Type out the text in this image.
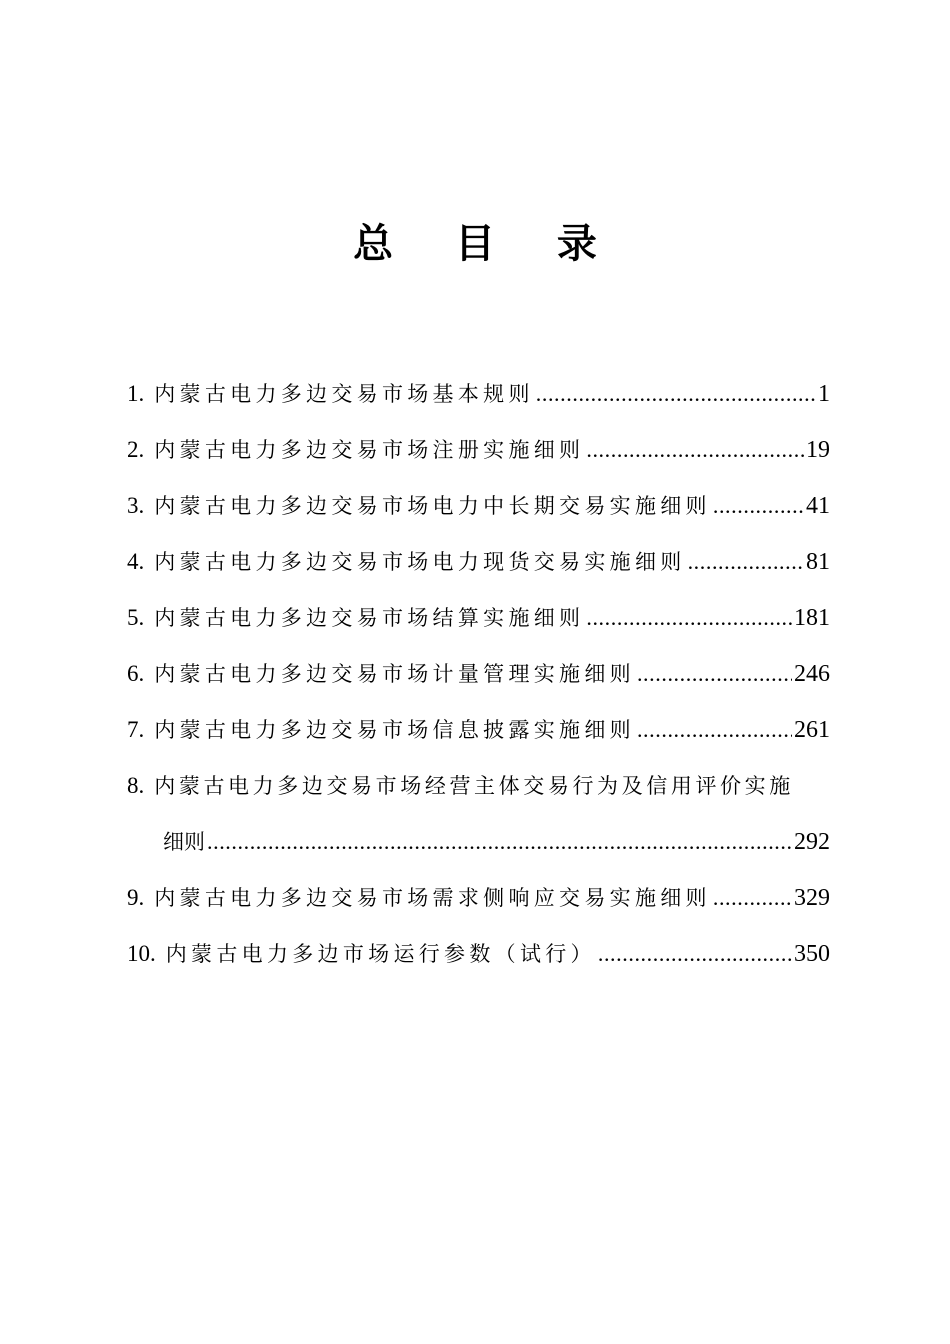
总 目 录
1. 内蒙古电力多边交易市场基本规则 .....	1
2. 内蒙古电力多边交易市场注册实施细则 .....	19
3. 内蒙古电力多边交易市场电力中长期交易实施细则 .....	41
4. 内蒙古电力多边交易市场电力现货交易实施细则 .....	81
5. 内蒙古电力多边交易市场结算实施细则 .....	181
6. 内蒙古电力多边交易市场计量管理实施细则 .....	246
7. 内蒙古电力多边交易市场信息披露实施细则 .....	261
8. 内蒙古电力多边交易市场经营主体交易行为及信用评价实施
细则 .....	292
9. 内蒙古电力多边交易市场需求侧响应交易实施细则 .....	329
10. 内蒙古电力多边市场运行参数（试行） .....	350
